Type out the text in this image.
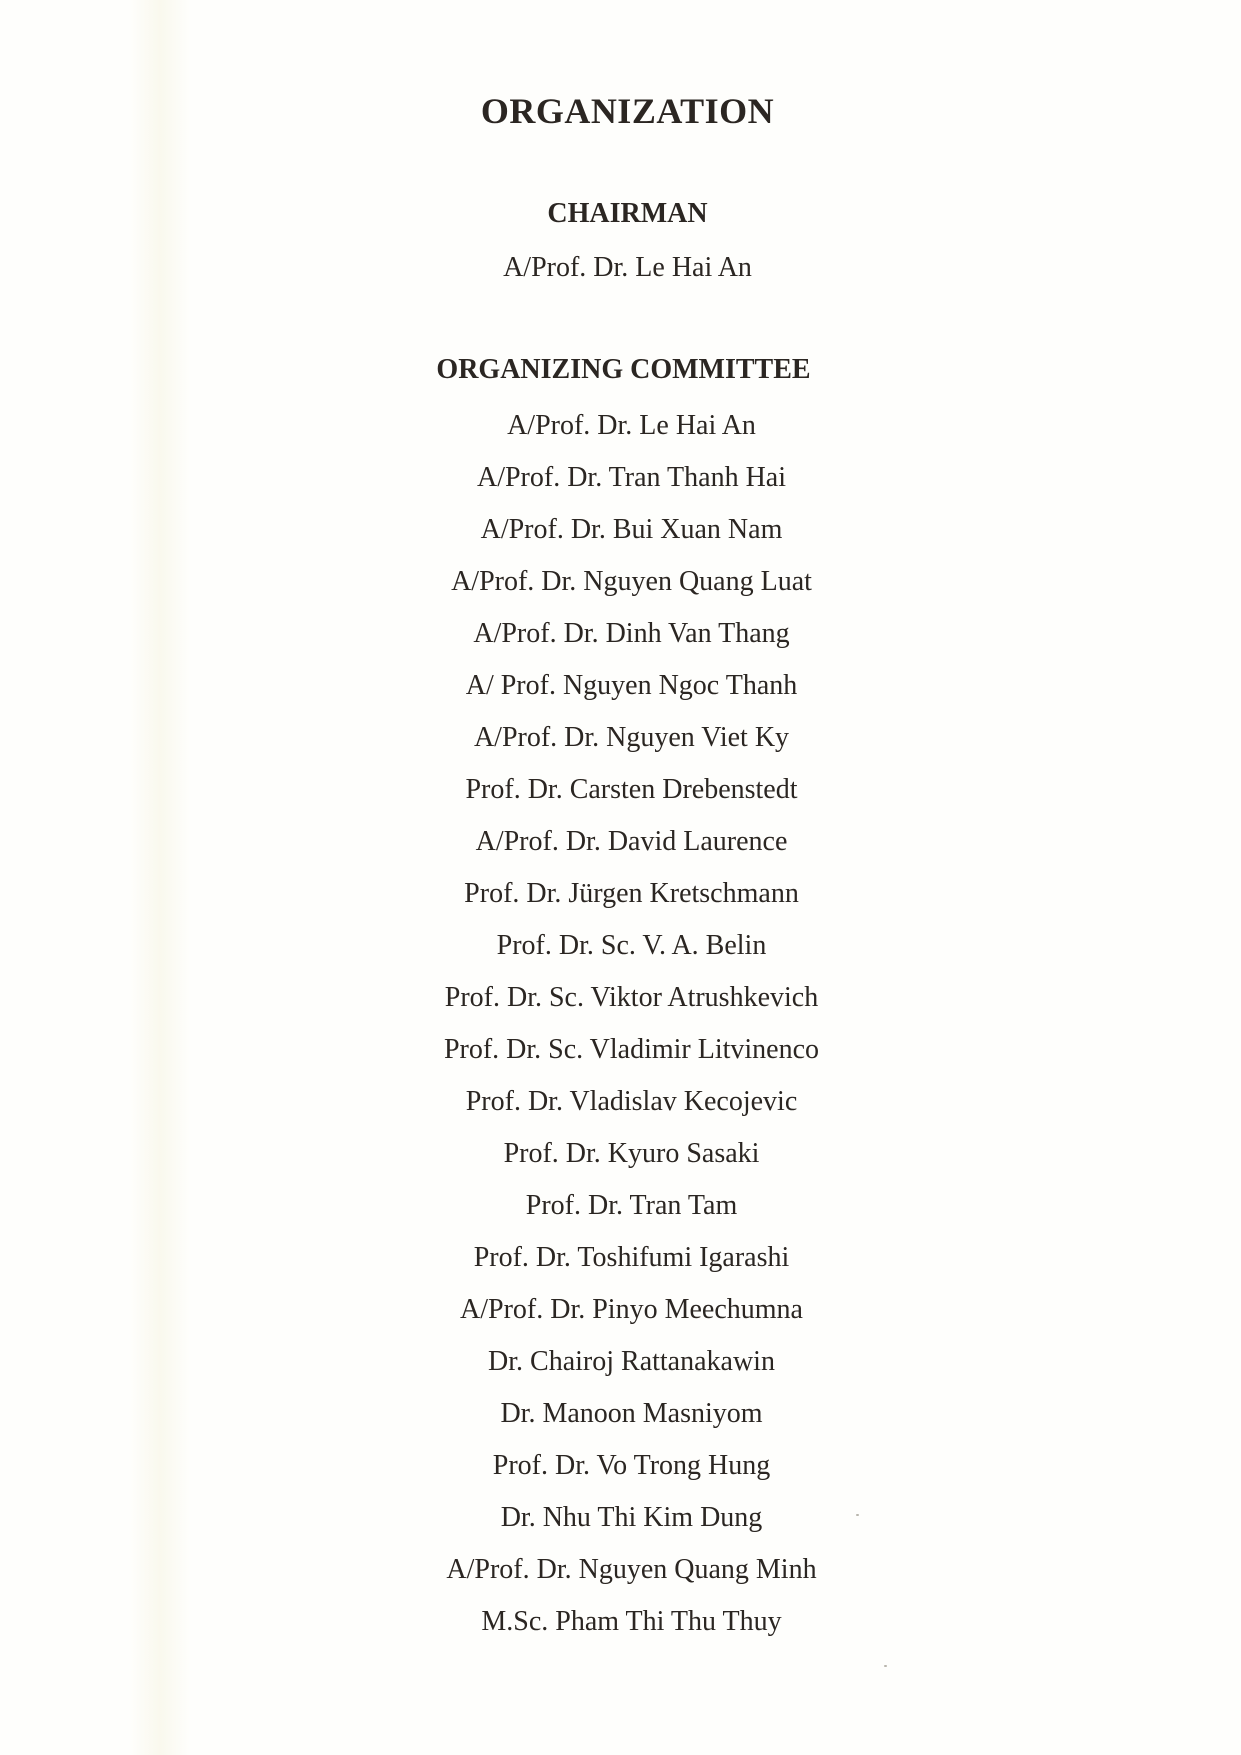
ORGANIZATION
CHAIRMAN
A/Prof. Dr. Le Hai An
ORGANIZING COMMITTEE
A/Prof. Dr. Le Hai An
A/Prof. Dr. Tran Thanh Hai
A/Prof. Dr. Bui Xuan Nam
A/Prof. Dr. Nguyen Quang Luat
A/Prof. Dr. Dinh Van Thang
A/ Prof. Nguyen Ngoc Thanh
A/Prof. Dr. Nguyen Viet Ky
Prof. Dr. Carsten Drebenstedt
A/Prof. Dr. David Laurence
Prof. Dr. Jürgen Kretschmann
Prof. Dr. Sc. V. A. Belin
Prof. Dr. Sc. Viktor Atrushkevich
Prof. Dr. Sc. Vladimir Litvinenco
Prof. Dr. Vladislav Kecojevic
Prof. Dr. Kyuro Sasaki
Prof. Dr. Tran Tam
Prof. Dr. Toshifumi Igarashi
A/Prof. Dr. Pinyo Meechumna
Dr. Chairoj Rattanakawin
Dr. Manoon Masniyom
Prof. Dr. Vo Trong Hung
Dr. Nhu Thi Kim Dung
A/Prof. Dr. Nguyen Quang Minh
M.Sc. Pham Thi Thu Thuy
